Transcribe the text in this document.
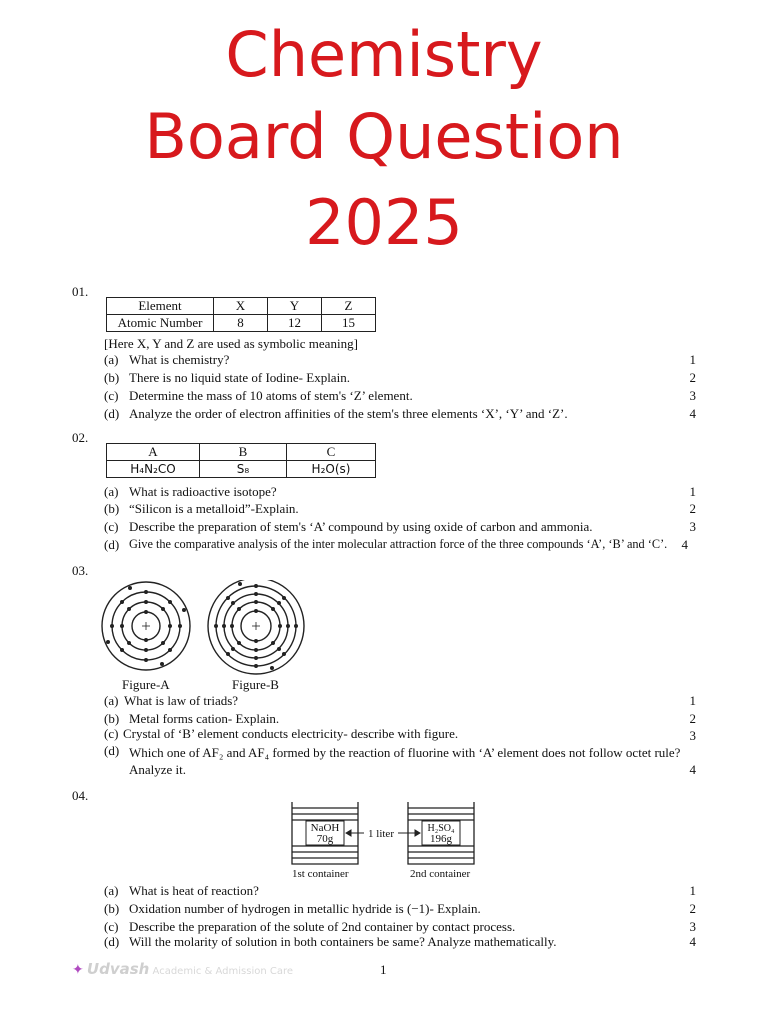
Chemistry
Board Question
2025
01.
Element	X	Y	Z
Atomic Number	8	12	15
[Here X, Y and Z are used as symbolic meaning]
(a) What is chemistry?	1
(b) There is no liquid state of Iodine- Explain.	2
(c) Determine the mass of 10 atoms of stem's ‘Z’ element.	3
(d) Analyze the order of electron affinities of the stem's three elements ‘X’, ‘Y’ and ‘Z’.	4
02.
A	B	C
H₄N₂CO	S₈	H₂O(s)
(a) What is radioactive isotope?	1
(b) “Silicon is a metalloid”-Explain.	2
(c) Describe the preparation of stem's ‘A’ compound by using oxide of carbon and ammonia.	3
(d) Give the comparative analysis of the inter molecular attraction force of the three compounds ‘A’, ‘B’ and ‘C’. 4
03.
Figure-A	Figure-B
(a) What is law of triads?	1
(b) Metal forms cation- Explain.	2
(c) Crystal of ‘B’ element conducts electricity- describe with figure.	3
(d) Which one of AF₂ and AF₄ formed by the reaction of fluorine with ‘A’ element does not follow octet rule?
Analyze it.	4
04.
NaOH
70g
H₂SO₄
196g
1 liter
1st container	2nd container
(a) What is heat of reaction?	1
(b) Oxidation number of hydrogen in metallic hydride is (−1)- Explain.	2
(c) Describe the preparation of the solute of 2nd container by contact process.	3
(d) Will the molarity of solution in both containers be same? Analyze mathematically.	4
✦ Udvash Academic & Admission Care	1
